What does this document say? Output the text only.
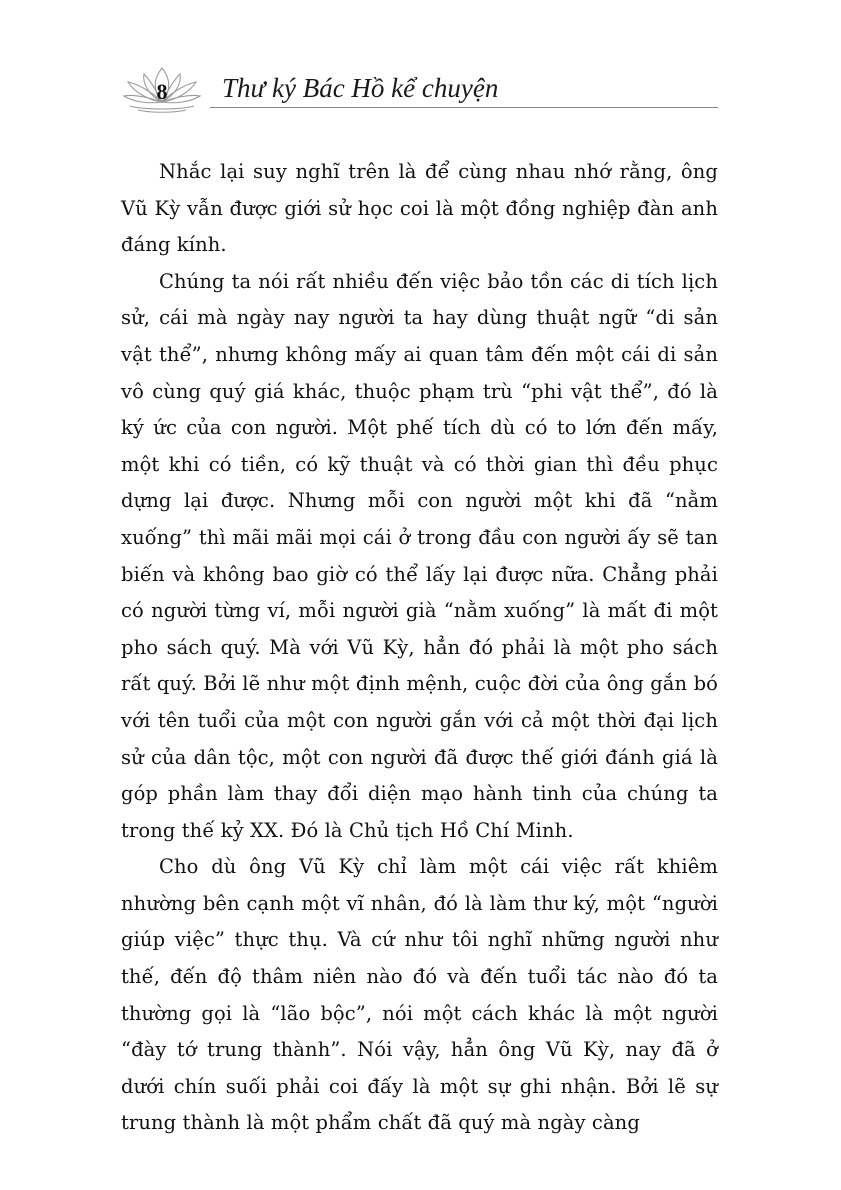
8	Thư ký Bác Hồ kể chuyện

Nhắc lại suy nghĩ trên là để cùng nhau nhớ rằng, ông Vũ Kỳ vẫn được giới sử học coi là một đồng nghiệp đàn anh đáng kính.

Chúng ta nói rất nhiều đến việc bảo tồn các di tích lịch sử, cái mà ngày nay người ta hay dùng thuật ngữ “di sản vật thể”, nhưng không mấy ai quan tâm đến một cái di sản vô cùng quý giá khác, thuộc phạm trù “phi vật thể”, đó là ký ức của con người. Một phế tích dù có to lớn đến mấy, một khi có tiền, có kỹ thuật và có thời gian thì đều phục dựng lại được. Nhưng mỗi con người một khi đã “nằm xuống” thì mãi mãi mọi cái ở trong đầu con người ấy sẽ tan biến và không bao giờ có thể lấy lại được nữa. Chẳng phải có người từng ví, mỗi người già “nằm xuống” là mất đi một pho sách quý. Mà với Vũ Kỳ, hẳn đó phải là một pho sách rất quý. Bởi lẽ như một định mệnh, cuộc đời của ông gắn bó với tên tuổi của một con người gắn với cả một thời đại lịch sử của dân tộc, một con người đã được thế giới đánh giá là góp phần làm thay đổi diện mạo hành tinh của chúng ta trong thế kỷ XX. Đó là Chủ tịch Hồ Chí Minh.

Cho dù ông Vũ Kỳ chỉ làm một cái việc rất khiêm nhường bên cạnh một vĩ nhân, đó là làm thư ký, một “người giúp việc” thực thụ. Và cứ như tôi nghĩ những người như thế, đến độ thâm niên nào đó và đến tuổi tác nào đó ta thường gọi là “lão bộc”, nói một cách khác là một người “đày tớ trung thành”. Nói vậy, hẳn ông Vũ Kỳ, nay đã ở dưới chín suối phải coi đấy là một sự ghi nhận. Bởi lẽ sự trung thành là một phẩm chất đã quý mà ngày càng
